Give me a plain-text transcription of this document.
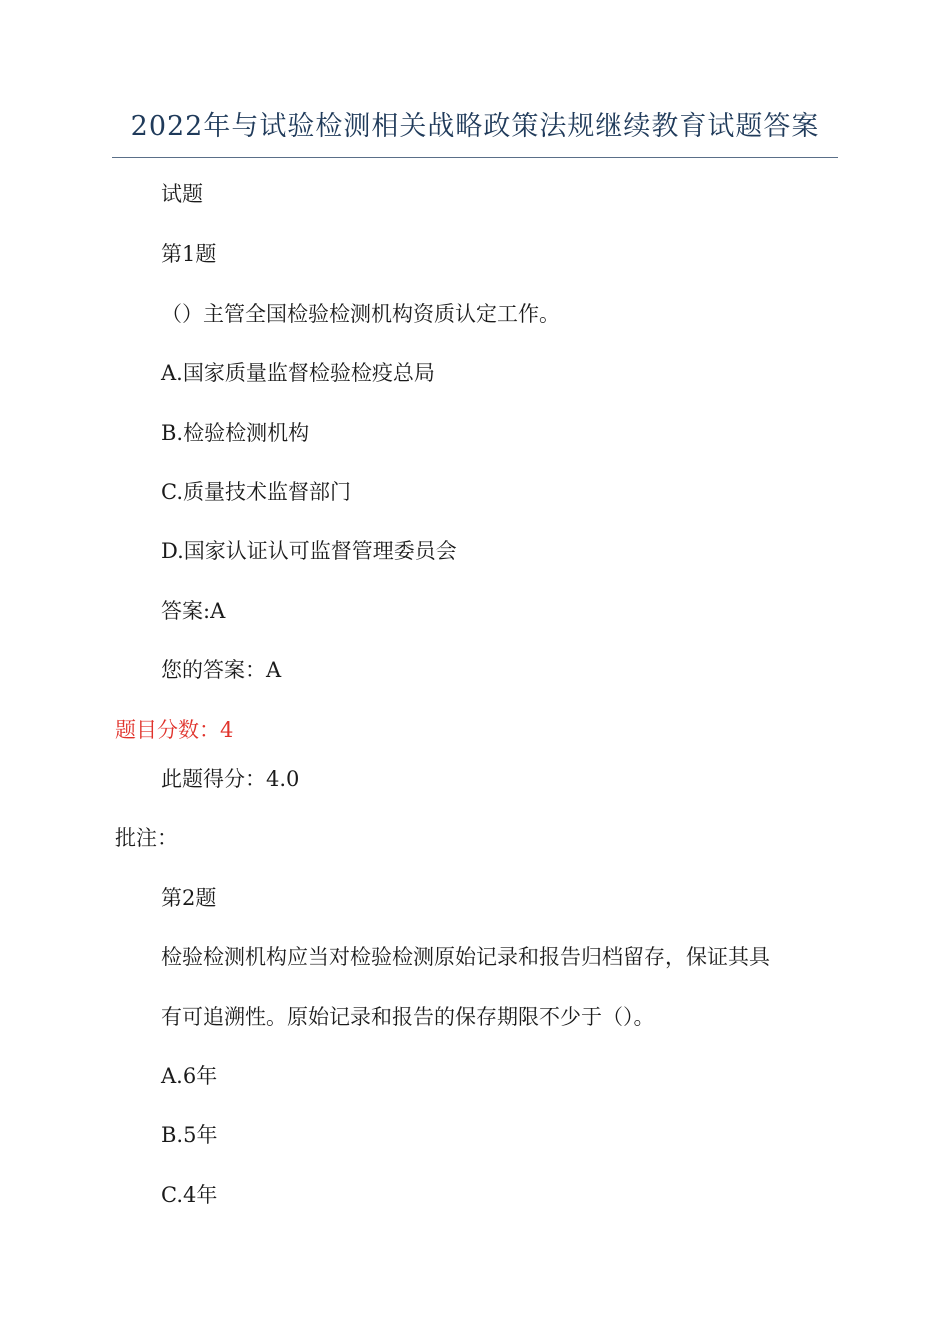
2022年与试验检测相关战略政策法规继续教育试题答案
试题
第1题
（）主管全国检验检测机构资质认定工作。
A.国家质量监督检验检疫总局
B.检验检测机构
C.质量技术监督部门
D.国家认证认可监督管理委员会
答案:A
您的答案：A
题目分数：4
此题得分：4.0
批注：
第2题
检验检测机构应当对检验检测原始记录和报告归档留存，保证其具
有可追溯性。原始记录和报告的保存期限不少于（）。
A.6年
B.5年
C.4年
